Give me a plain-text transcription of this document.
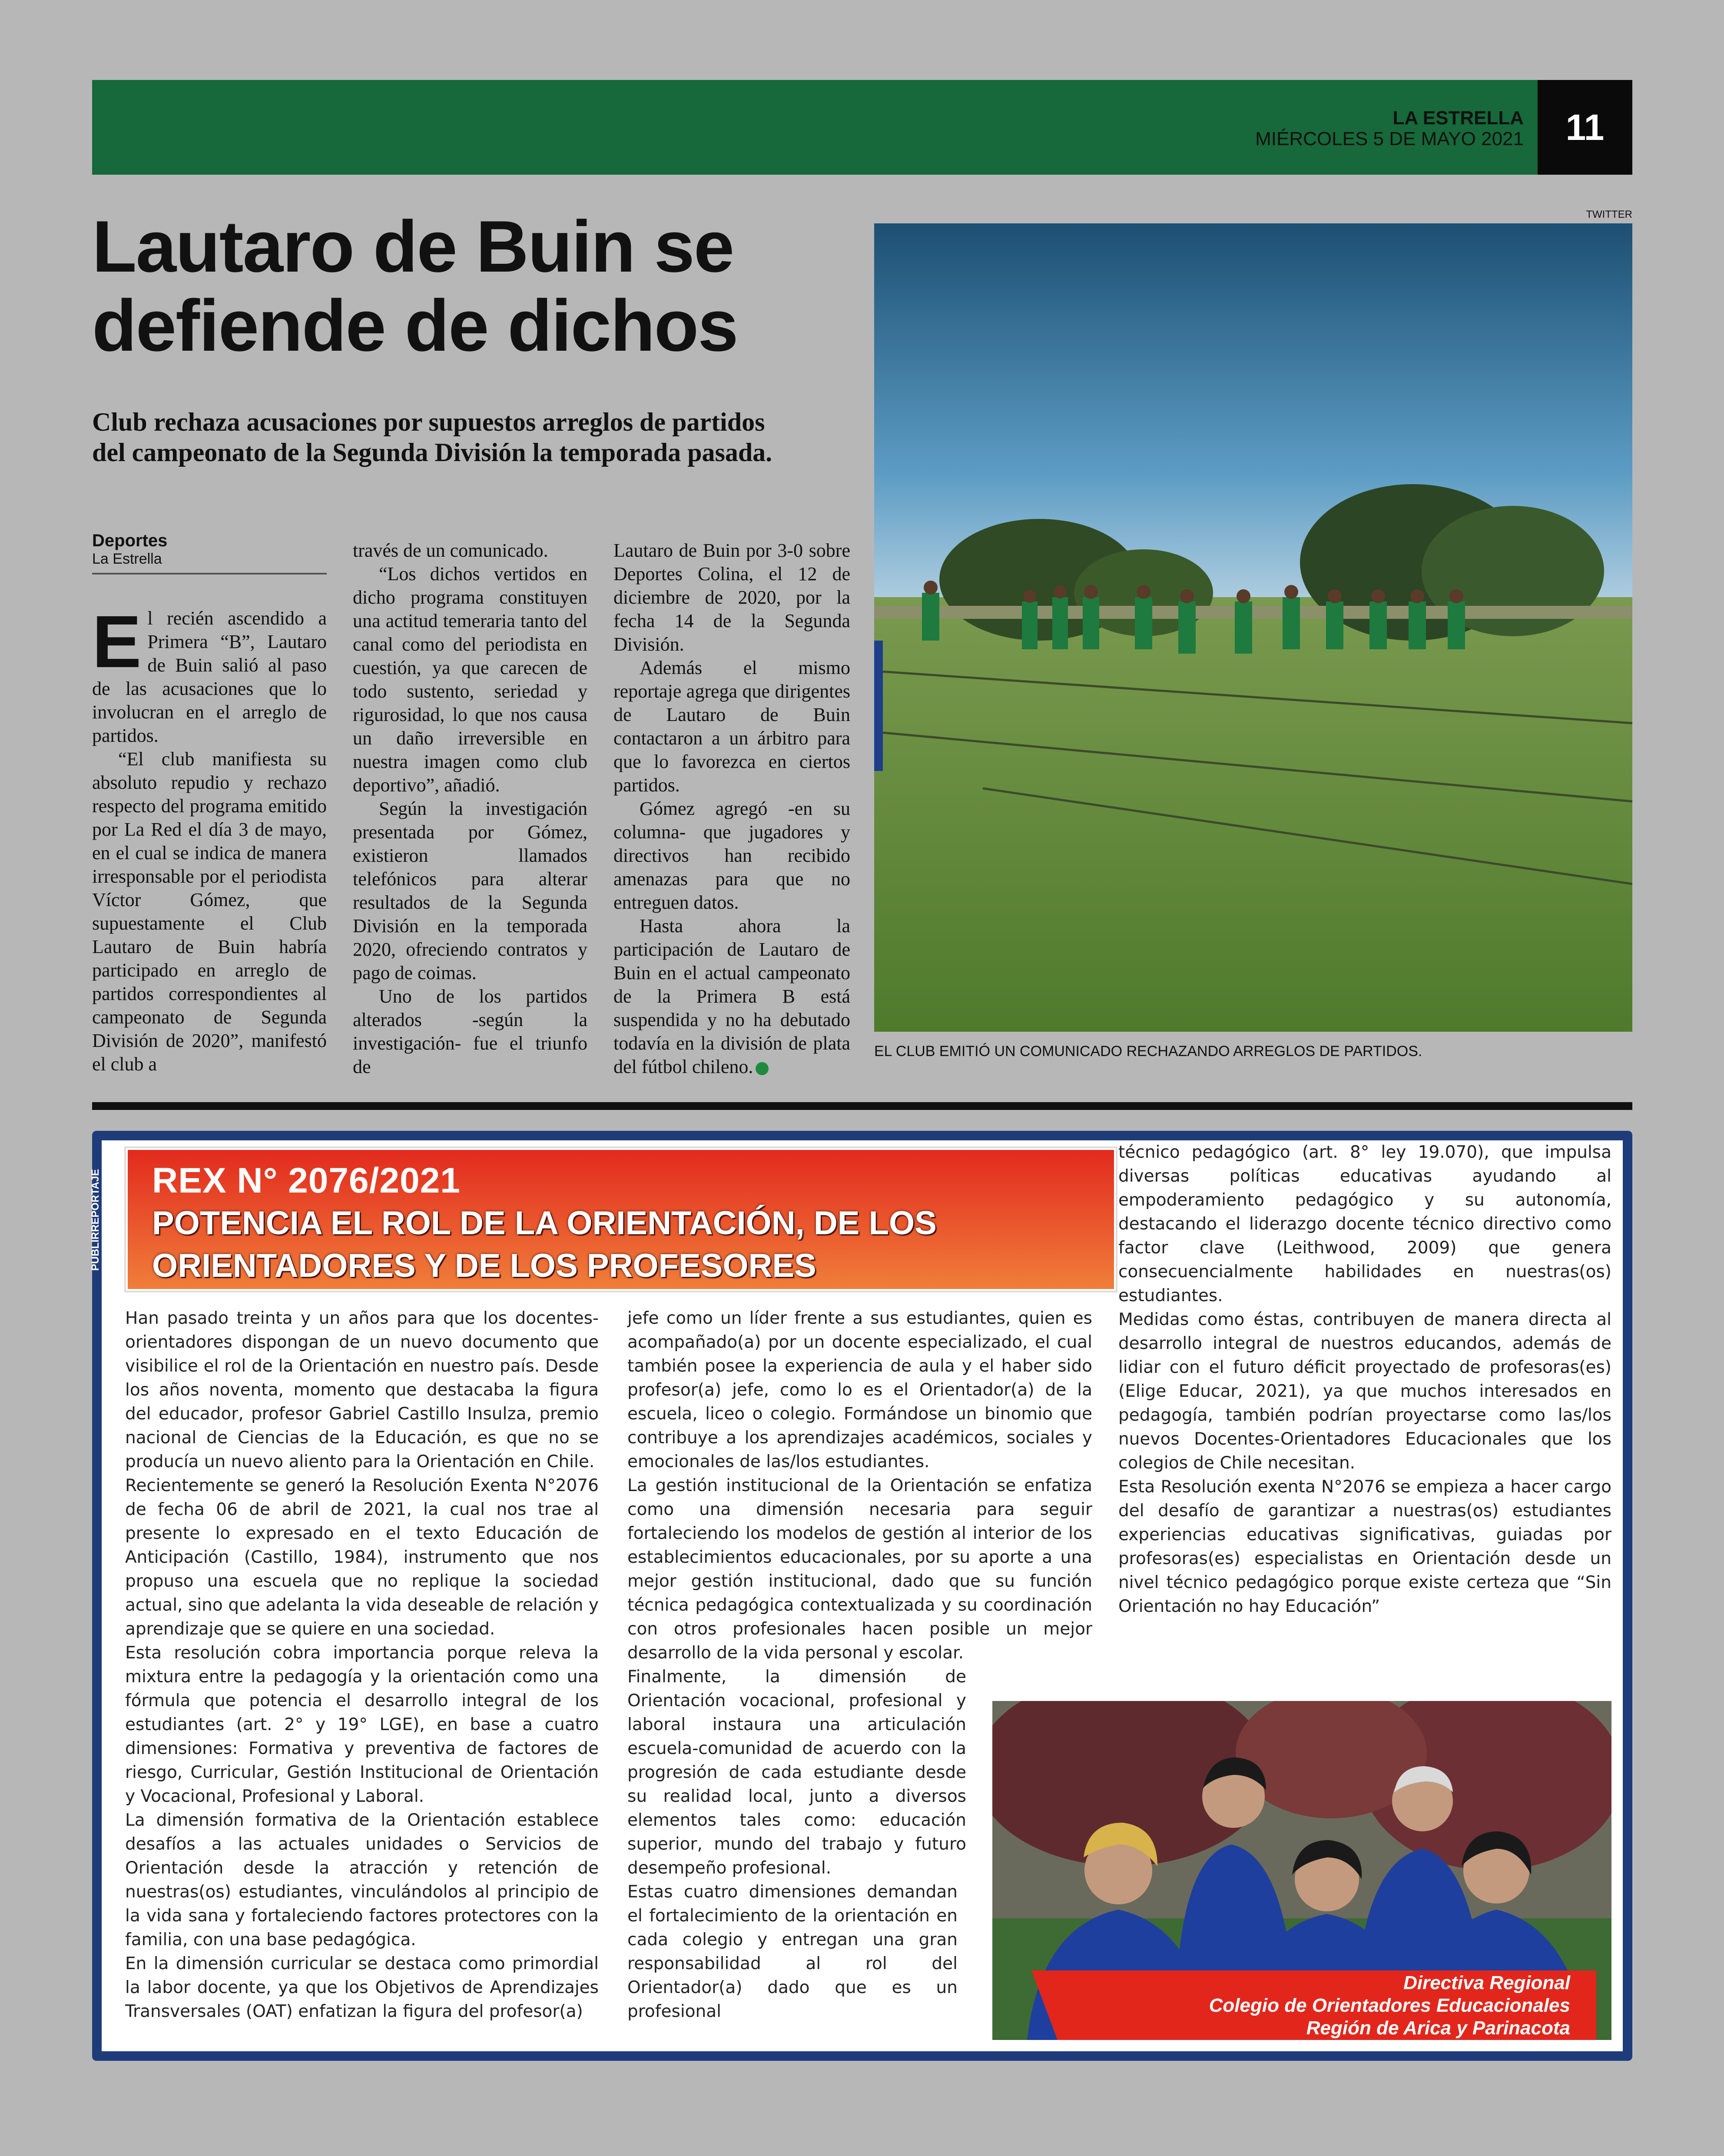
LA ESTRELLA
MIÉRCOLES 5 DE MAYO 2021	11
Lautaro de Buin se defiende de dichos
Club rechaza acusaciones por supuestos arreglos de partidos del campeonato de la Segunda División la temporada pasada.
Deportes
La Estrella

El recién ascendido a Primera “B”, Lautaro de Buin salió al paso de las acusaciones que lo involucran en el arreglo de partidos.

“El club manifiesta su absoluto repudio y rechazo respecto del programa emitido por La Red el día 3 de mayo, en el cual se indica de manera irresponsable por el periodista Víctor Gómez, que supuestamente el Club Lautaro de Buin habría participado en arreglo de partidos correspondientes al campeonato de Segunda División de 2020”, manifestó el club a

través de un comunicado.

“Los dichos vertidos en dicho programa constituyen una actitud temeraria tanto del canal como del periodista en cuestión, ya que carecen de todo sustento, seriedad y rigurosidad, lo que nos causa un daño irreversible en nuestra imagen como club deportivo”, añadió.

Según la investigación presentada por Gómez, existieron llamados telefónicos para alterar resultados de la Segunda División en la temporada 2020, ofreciendo contratos y pago de coimas.

Uno de los partidos alterados -según la investigación- fue el triunfo de

Lautaro de Buin por 3-0 sobre Deportes Colina, el 12 de diciembre de 2020, por la fecha 14 de la Segunda División.

Además el mismo reportaje agrega que dirigentes de Lautaro de Buin contactaron a un árbitro para que lo favorezca en ciertos partidos.

Gómez agregó -en su columna- que jugadores y directivos han recibido amenazas para que no entreguen datos.

Hasta ahora la participación de Lautaro de Buin en el actual campeonato de la Primera B está suspendida y no ha debutado todavía en la división de plata del fútbol chileno.

TWITTER
EL CLUB EMITIÓ UN COMUNICADO RECHAZANDO ARREGLOS DE PARTIDOS.
PUBLIRREPORTAJE REX N° 2076/2021
POTENCIA EL ROL DE LA ORIENTACIÓN, DE LOS ORIENTADORES Y DE LOS PROFESORES

Han pasado treinta y un años para que los docentes-orientadores dispongan de un nuevo documento que visibilice el rol de la Orientación en nuestro país. Desde los años noventa, momento que destacaba la figura del educador, profesor Gabriel Castillo Insulza, premio nacional de Ciencias de la Educación, es que no se producía un nuevo aliento para la Orientación en Chile.

Recientemente se generó la Resolución Exenta N°2076 de fecha 06 de abril de 2021, la cual nos trae al presente lo expresado en el texto Educación de Anticipación (Castillo, 1984), instrumento que nos propuso una escuela que no replique la sociedad actual, sino que adelanta la vida deseable de relación y aprendizaje que se quiere en una sociedad.

Esta resolución cobra importancia porque releva la mixtura entre la pedagogía y la orientación como una fórmula que potencia el desarrollo integral de los estudiantes (art. 2° y 19° LGE), en base a cuatro dimensiones: Formativa y preventiva de factores de riesgo, Curricular, Gestión Institucional de Orientación y Vocacional, Profesional y Laboral.

La dimensión formativa de la Orientación establece desafíos a las actuales unidades o Servicios de Orientación desde la atracción y retención de nuestras(os) estudiantes, vinculándolos al principio de la vida sana y fortaleciendo factores protectores con la familia, con una base pedagógica.

En la dimensión curricular se destaca como primordial la labor docente, ya que los Objetivos de Aprendizajes Transversales (OAT) enfatizan la figura del profesor(a)

jefe como un líder frente a sus estudiantes, quien es acompañado(a) por un docente especializado, el cual también posee la experiencia de aula y el haber sido profesor(a) jefe, como lo es el Orientador(a) de la escuela, liceo o colegio. Formándose un binomio que contribuye a los aprendizajes académicos, sociales y emocionales de las/los estudiantes.

La gestión institucional de la Orientación se enfatiza como una dimensión necesaria para seguir fortaleciendo los modelos de gestión al interior de los establecimientos educacionales, por su aporte a una mejor gestión institucional, dado que su función técnica pedagógica contextualizada y su coordinación con otros profesionales hacen posible un mejor desarrollo de la vida personal y escolar.

Finalmente, la dimensión de Orientación vocacional, profesional y laboral instaura una articulación escuela-comunidad de acuerdo con la progresión de cada estudiante desde su realidad local, junto a diversos elementos tales como: educación superior, mundo del trabajo y futuro desempeño profesional.

Estas cuatro dimensiones demandan el fortalecimiento de la orientación en cada colegio y entregan una gran responsabilidad al rol del Orientador(a) dado que es un profesional

técnico pedagógico (art. 8° ley 19.070), que impulsa diversas políticas educativas ayudando al empoderamiento pedagógico y su autonomía, destacando el liderazgo docente técnico directivo como factor clave (Leithwood, 2009) que genera consecuencialmente habilidades en nuestras(os) estudiantes.

Medidas como éstas, contribuyen de manera directa al desarrollo integral de nuestros educandos, además de lidiar con el futuro déficit proyectado de profesoras(es) (Elige Educar, 2021), ya que muchos interesados en pedagogía, también podrían proyectarse como las/los nuevos Docentes-Orientadores Educacionales que los colegios de Chile necesitan.

Esta Resolución exenta N°2076 se empieza a hacer cargo del desafío de garantizar a nuestras(os) estudiantes experiencias educativas significativas, guiadas por profesoras(es) especialistas en Orientación desde un nivel técnico pedagógico porque existe certeza que “Sin Orientación no hay Educación”

Directiva Regional
Colegio de Orientadores Educacionales
Región de Arica y Parinacota
